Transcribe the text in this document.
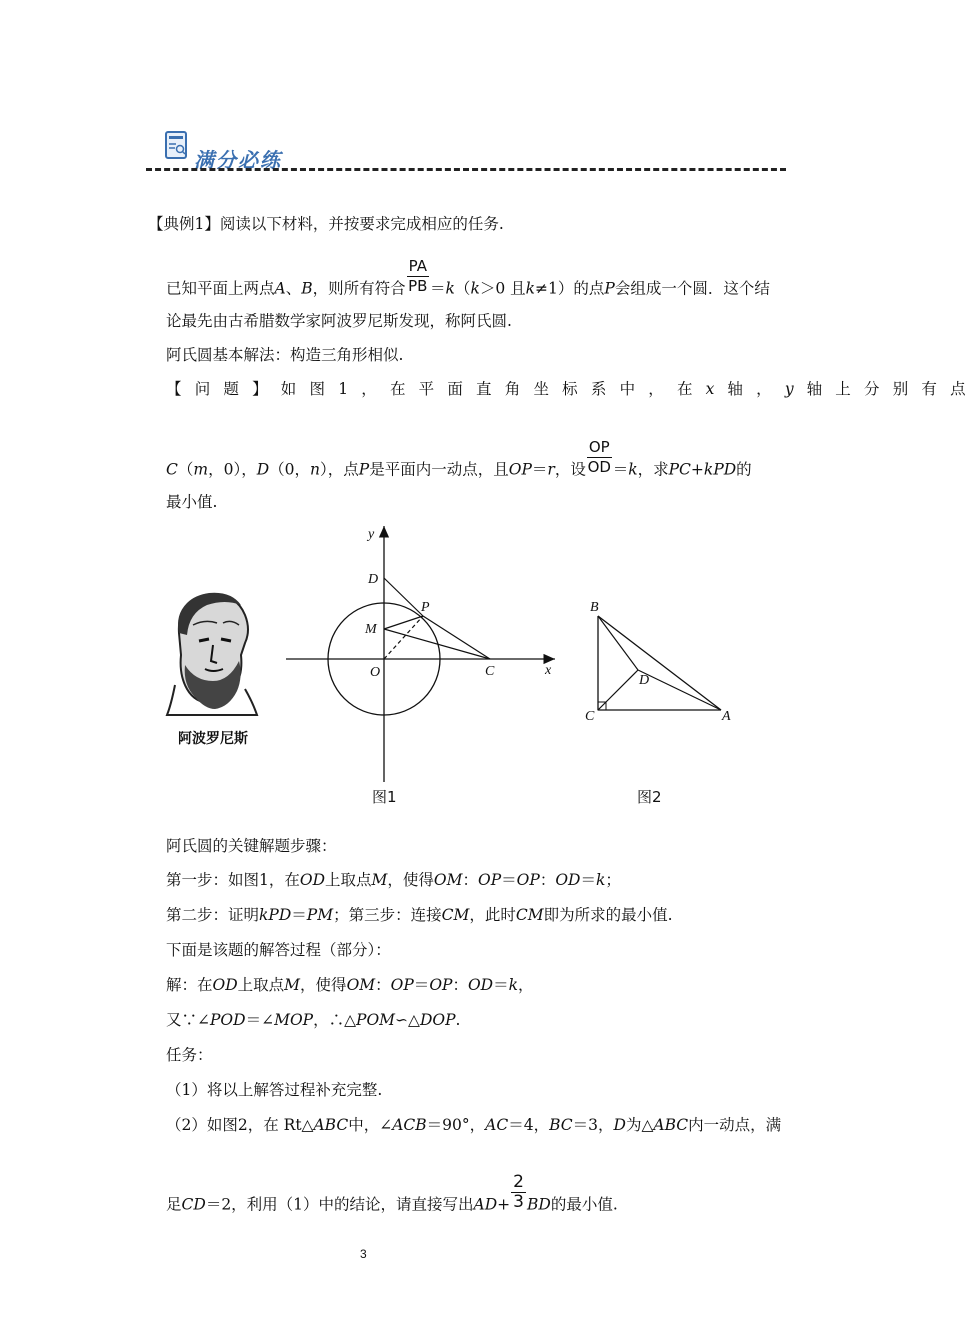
满分必练
【典例1】阅读以下材料，并按要求完成相应的任务.
已知平面上两点A、B，则所有符合 $\frac{PA}{PB} =k(k>0$ 且k≠1）的点P会组成一个圆．这个结
论最先由古希腊数学家阿波罗尼斯发现，称阿氏圆.
阿氏圆基本解法：构造三角形相似.
【问题】如图1，在平面直角坐标系中，在x 轴，y 轴上分别有点
C（m，0），D（0，n），点P是平面内一动点，且OP＝r，设 $\frac{OP}{OD} =k$，求PC+kPD的
最小值.
阿波罗尼斯
y
x
D
P
M
O	C
图1
B
D
C	A
图2
阿氏圆的关键解题步骤：
第一步：如图1，在OD上取点M，使得OM：OP＝OP：OD＝k；
第二步：证明kPD＝PM；第三步：连接CM，此时CM即为所求的最小值.
下面是该题的解答过程（部分）：
解：在OD上取点M，使得OM：OP＝OP：OD＝k，
又∵∠POD＝∠MOP，∴△POM∽△DOP.
任务：
（1）将以上解答过程补充完整.
（2）如图2，在 Rt△ABC中，∠ACB＝90°，AC＝4，BC＝3，D为△ABC内一动点，满
足CD＝2，利用（1）中的结论，请直接写出$AD+ \frac{2}{3}$ BD的最小值.
3
